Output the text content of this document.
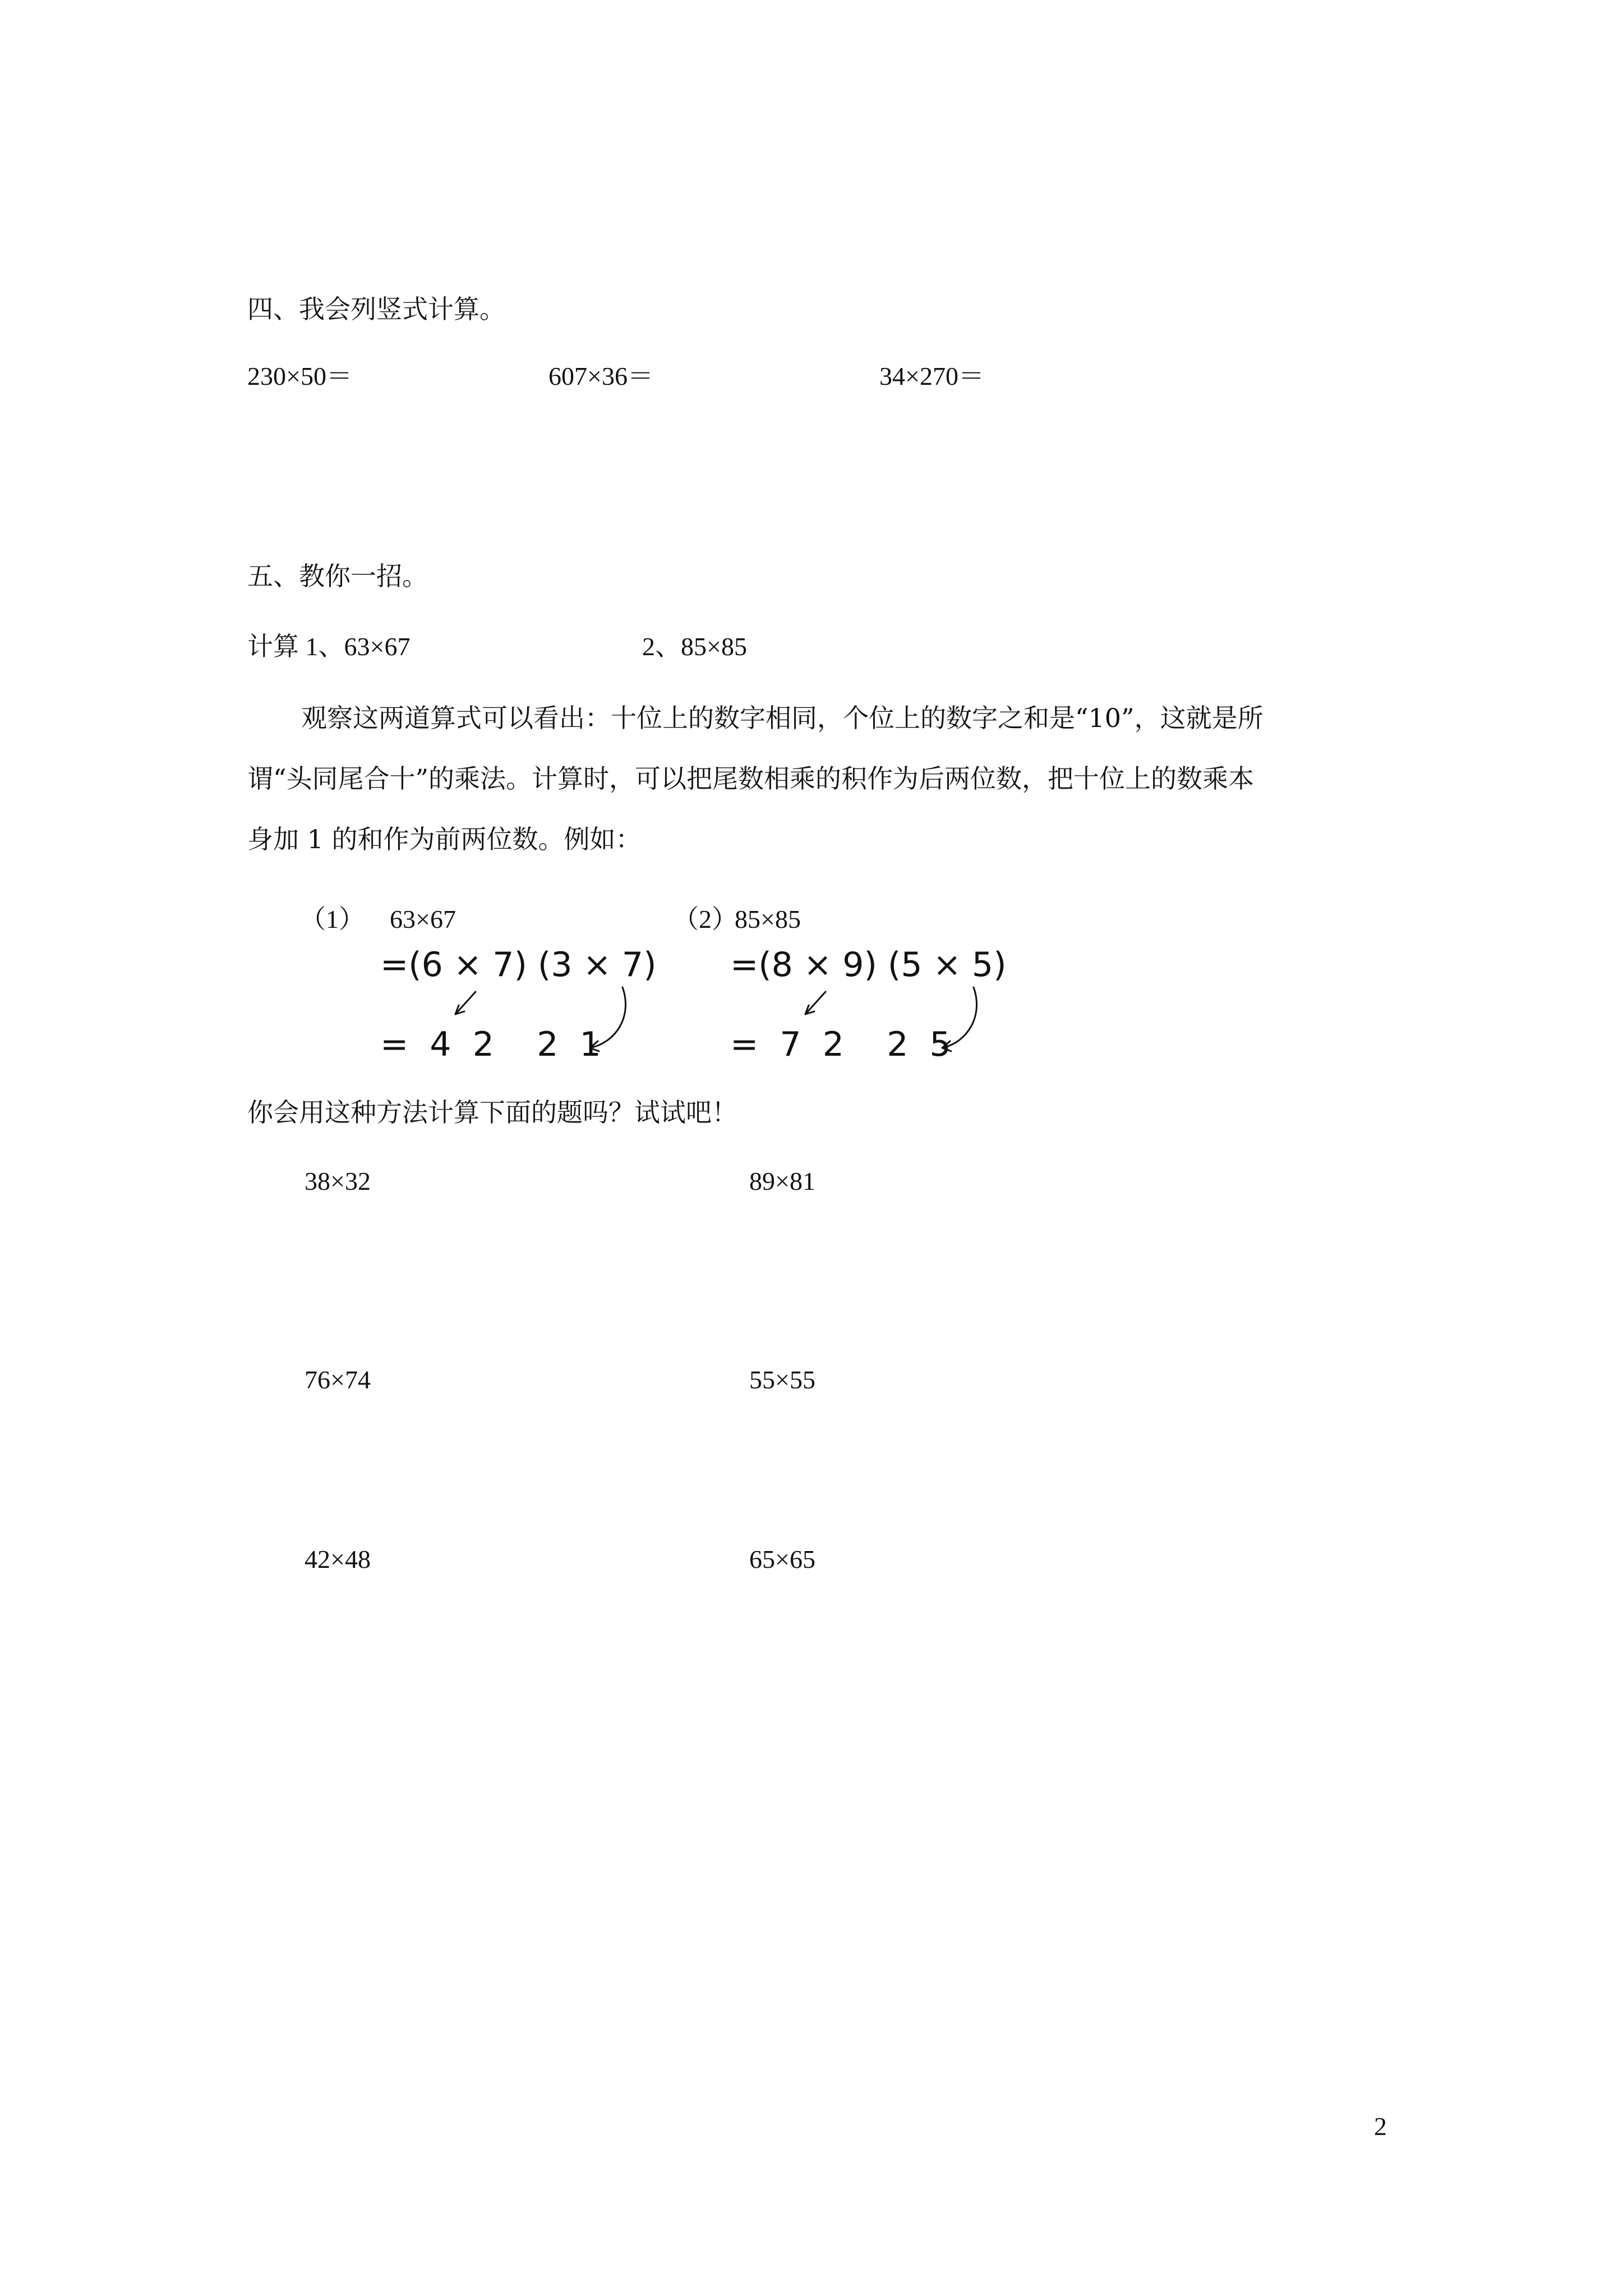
四、我会列竖式计算。
230×50＝	607×36＝	34×270＝
五、教你一招。
计算 1、63×67	2、85×85
观察这两道算式可以看出：十位上的数字相同，个位上的数字之和是“10”，这就是所
谓“头同尾合十”的乘法。计算时，可以把尾数相乘的积作为后两位数，把十位上的数乘本
身加 1 的和作为前两位数。例如：
（1） 63×67
=(6 × 7) (3 × 7)
=  4  2    2  1
（2）
85×85
=(8 × 9) (5 × 5)
=  7  2    2  5
你会用这种方法计算下面的题吗？试试吧！
38×32	89×81
76×74	55×55
42×48	65×65
2
